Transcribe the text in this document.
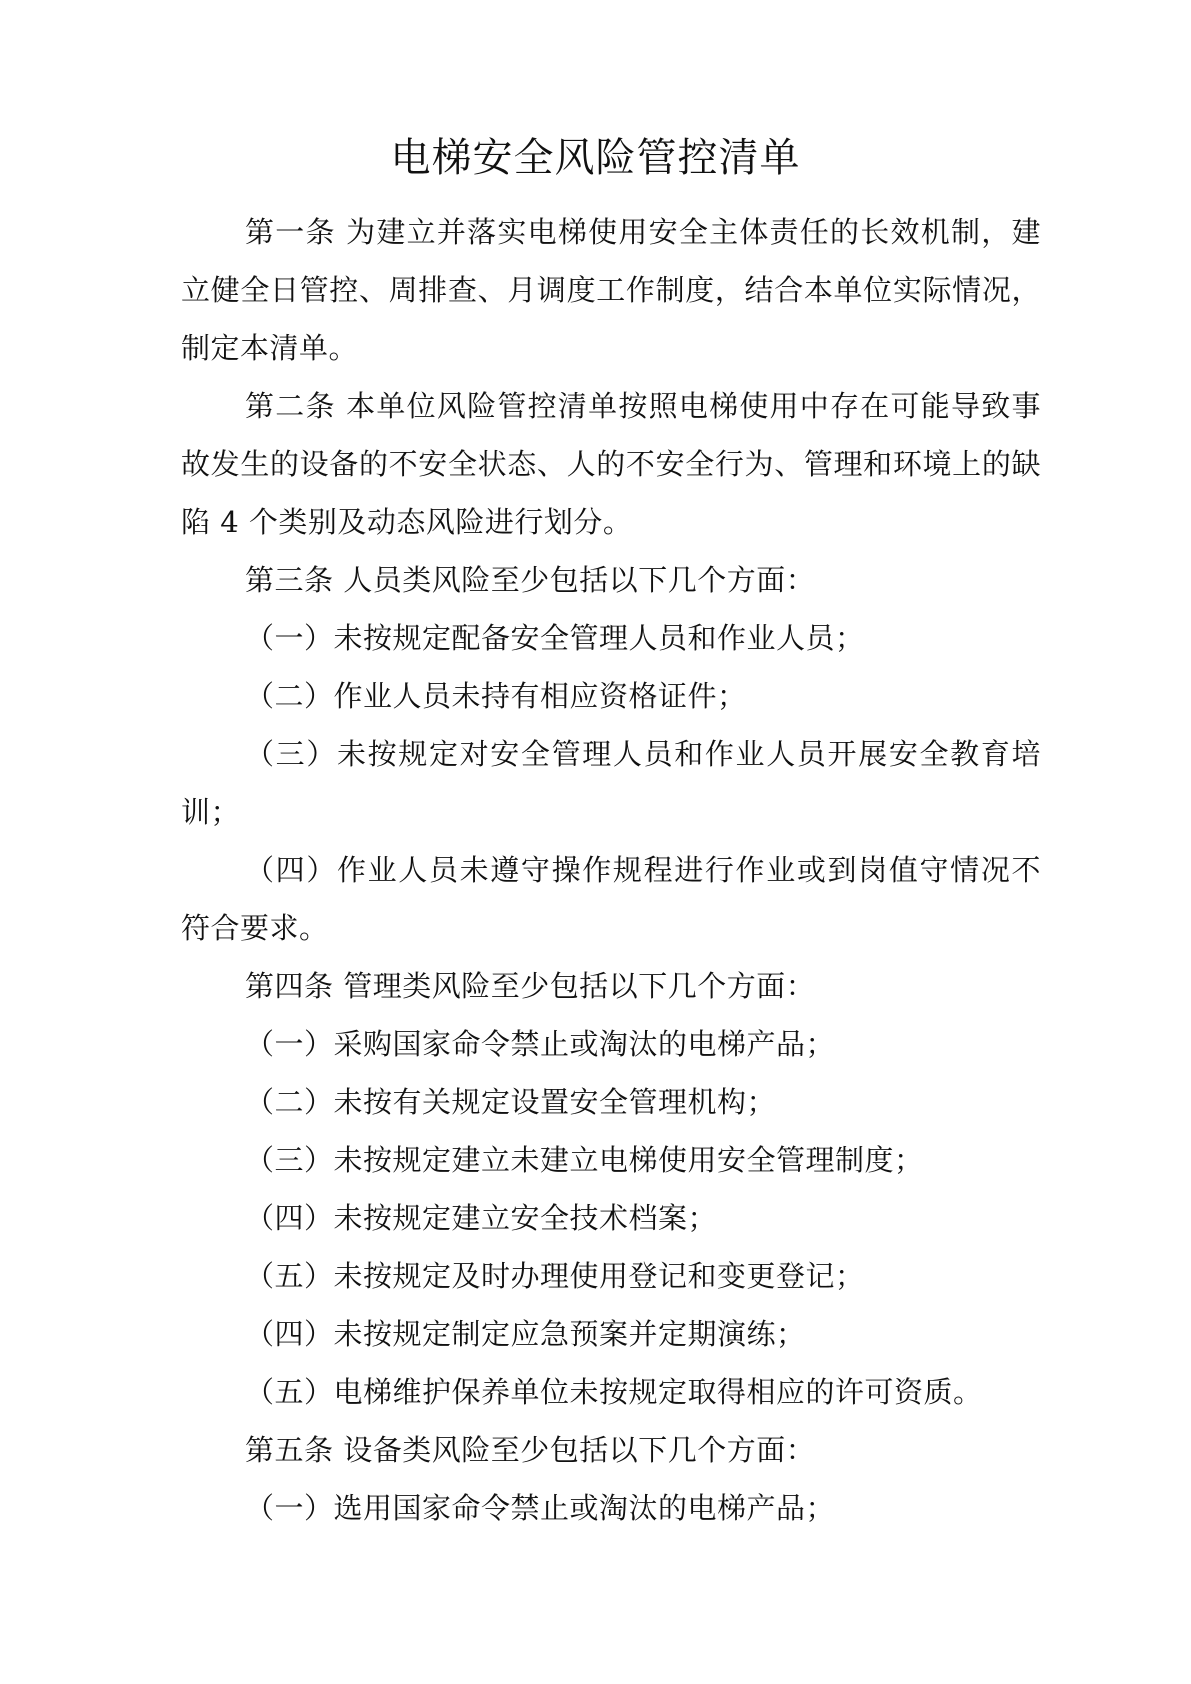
电梯安全风险管控清单

第一条 为建立并落实电梯使用安全主体责任的长效机制，建立健全日管控、周排查、月调度工作制度，结合本单位实际情况，制定本清单。

第二条 本单位风险管控清单按照电梯使用中存在可能导致事故发生的设备的不安全状态、人的不安全行为、管理和环境上的缺陷 4 个类别及动态风险进行划分。

第三条 人员类风险至少包括以下几个方面：

（一）未按规定配备安全管理人员和作业人员；

（二）作业人员未持有相应资格证件；

（三）未按规定对安全管理人员和作业人员开展安全教育培训；

（四）作业人员未遵守操作规程进行作业或到岗值守情况不符合要求。

第四条 管理类风险至少包括以下几个方面：

（一）采购国家命令禁止或淘汰的电梯产品；

（二）未按有关规定设置安全管理机构；

（三）未按规定建立未建立电梯使用安全管理制度；

（四）未按规定建立安全技术档案；

（五）未按规定及时办理使用登记和变更登记；

（四）未按规定制定应急预案并定期演练；

（五）电梯维护保养单位未按规定取得相应的许可资质。

第五条 设备类风险至少包括以下几个方面：

（一）选用国家命令禁止或淘汰的电梯产品；
